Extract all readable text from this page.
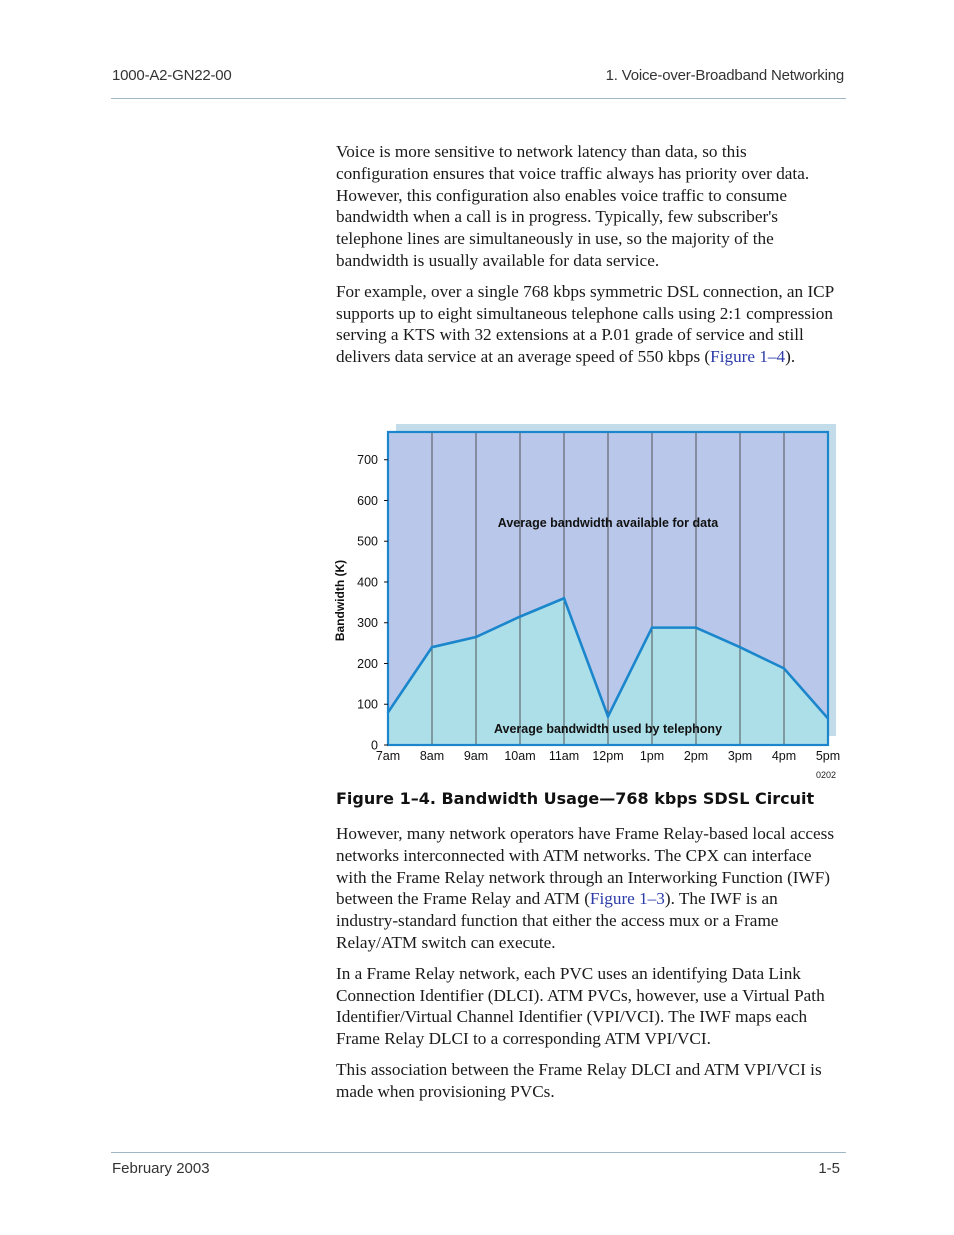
1000-A2-GN22-00	1. Voice-over-Broadband Networking

Voice is more sensitive to network latency than data, so this configuration ensures that voice traffic always has priority over data. However, this configuration also enables voice traffic to consume bandwidth when a call is in progress. Typically, few subscriber's telephone lines are simultaneously in use, so the majority of the bandwidth is usually available for data service.

For example, over a single 768 kbps symmetric DSL connection, an ICP supports up to eight simultaneous telephone calls using 2:1 compression serving a KTS with 32 extensions at a P.01 grade of service and still delivers data service at an average speed of 550 kbps (Figure 1–4).

0
100
200
300
400
500
600
700
7am 8am 9am 10am 11am 12pm 1pm 2pm 3pm 4pm 5pm
Bandwidth (K)
Average bandwidth available for data
Average bandwidth used by telephony
0202
Figure 1–4. Bandwidth Usage—768 kbps SDSL Circuit

However, many network operators have Frame Relay-based local access networks interconnected with ATM networks. The CPX can interface with the Frame Relay network through an Interworking Function (IWF) between the Frame Relay and ATM (Figure 1–3). The IWF is an industry-standard function that either the access mux or a Frame Relay/ATM switch can execute.

In a Frame Relay network, each PVC uses an identifying Data Link Connection Identifier (DLCI). ATM PVCs, however, use a Virtual Path Identifier/Virtual Channel Identifier (VPI/VCI). The IWF maps each Frame Relay DLCI to a corresponding ATM VPI/VCI.

This association between the Frame Relay DLCI and ATM VPI/VCI is made when provisioning PVCs.

February 2003	1-5
